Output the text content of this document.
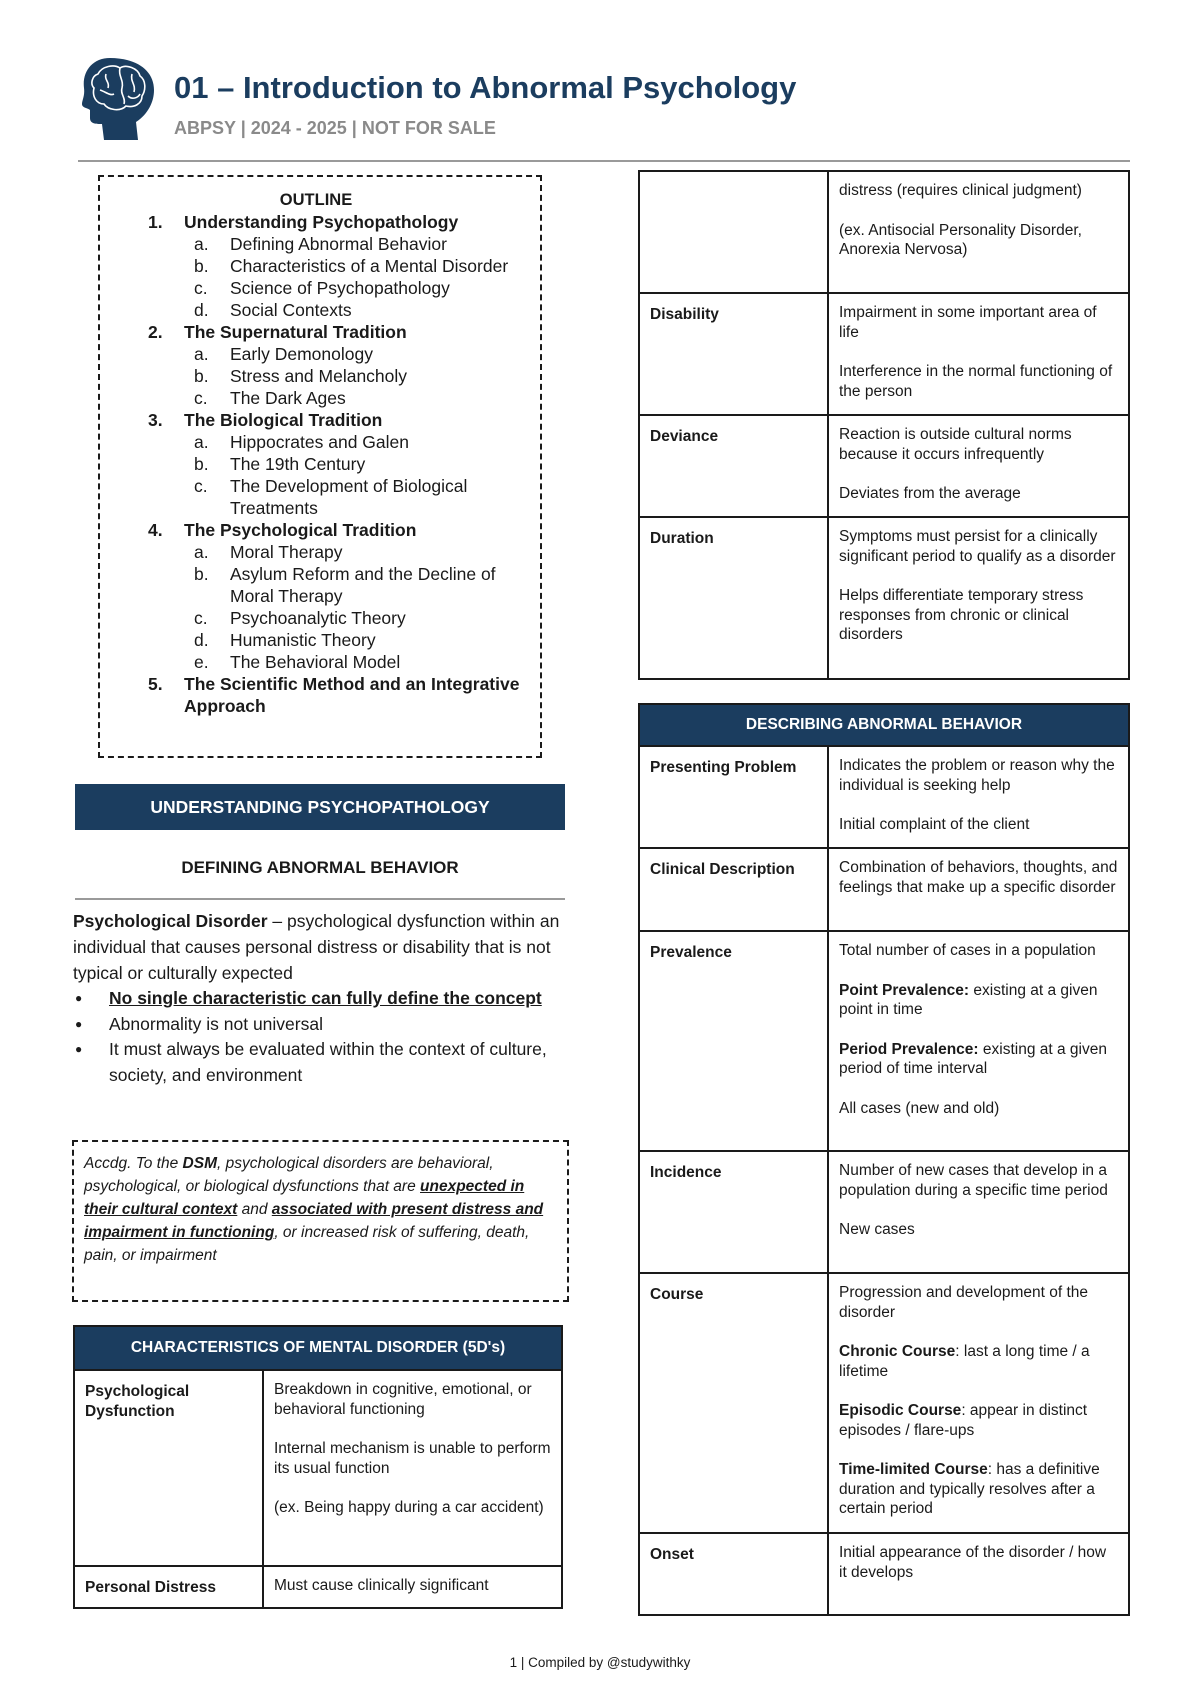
01 – Introduction to Abnormal Psychology
ABPSY | 2024 - 2025 | NOT FOR SALE
OUTLINE
1. Understanding Psychopathology
a. Defining Abnormal Behavior
b. Characteristics of a Mental Disorder
c. Science of Psychopathology
d. Social Contexts
2. The Supernatural Tradition
a. Early Demonology
b. Stress and Melancholy
c. The Dark Ages
3. The Biological Tradition
a. Hippocrates and Galen
b. The 19th Century
c. The Development of Biological Treatments
4. The Psychological Tradition
a. Moral Therapy
b. Asylum Reform and the Decline of Moral Therapy
c. Psychoanalytic Theory
d. Humanistic Theory
e. The Behavioral Model
5. The Scientific Method and an Integrative Approach
UNDERSTANDING PSYCHOPATHOLOGY
DEFINING ABNORMAL BEHAVIOR
Psychological Disorder – psychological dysfunction within an individual that causes personal distress or disability that is not typical or culturally expected
● No single characteristic can fully define the concept
● Abnormality is not universal
● It must always be evaluated within the context of culture, society, and environment
Accdg. To the DSM, psychological disorders are behavioral, psychological, or biological dysfunctions that are unexpected in their cultural context and associated with present distress and impairment in functioning, or increased risk of suffering, death, pain, or impairment
CHARACTERISTICS OF MENTAL DISORDER (5D's)	
Psychological Dysfunction	Breakdown in cognitive, emotional, or behavioral functioning

Internal mechanism is unable to perform its usual function

(ex. Being happy during a car accident)

Personal Distress	Must cause clinically significant

	distress (requires clinical judgment)

(ex. Antisocial Personality Disorder, Anorexia Nervosa)

Disability	Impairment in some important area of life

Interference in the normal functioning of the person

Deviance	Reaction is outside cultural norms because it occurs infrequently

Deviates from the average

Duration	Symptoms must persist for a clinically significant period to qualify as a disorder

Helps differentiate temporary stress responses from chronic or clinical disorders

DESCRIBING ABNORMAL BEHAVIOR	
Presenting Problem	Indicates the problem or reason why the individual is seeking help

Initial complaint of the client

Clinical Description	Combination of behaviors, thoughts, and feelings that make up a specific disorder

Prevalence	Total number of cases in a population

Point Prevalence: existing at a given point in time

Period Prevalence: existing at a given period of time interval

All cases (new and old)

Incidence	Number of new cases that develop in a population during a specific time period

New cases

Course	Progression and development of the disorder

Chronic Course: last a long time / a lifetime

Episodic Course: appear in distinct episodes / flare-ups

Time-limited Course: has a definitive duration and typically resolves after a certain period

Onset	Initial appearance of the disorder / how it develops

1 | Compiled by @studywithky
